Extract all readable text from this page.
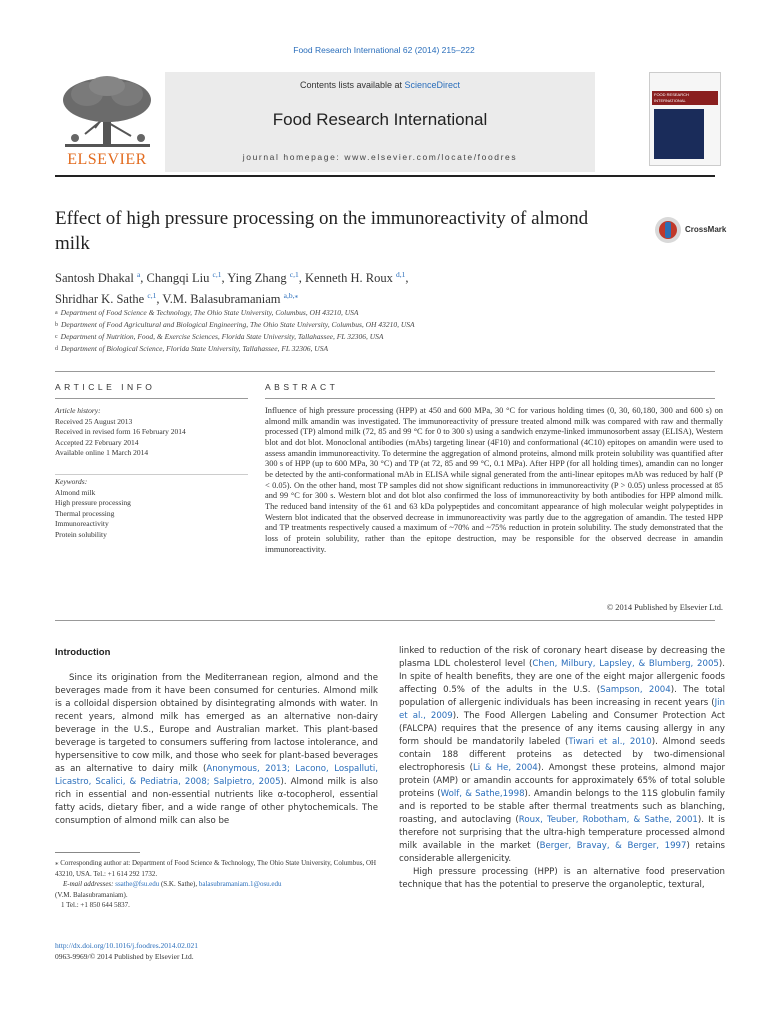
Food Research International 62 (2014) 215–222
ELSEVIER
Contents lists available at ScienceDirect
Food Research International
journal homepage: www.elsevier.com/locate/foodres
FOOD RESEARCH INTERNATIONAL
Effect of high pressure processing on the immunoreactivity of almond milk
CrossMark
Santosh Dhakal $^a$, Changqi Liu $^{c,1}$, Ying Zhang $^{c,1}$, Kenneth H. Roux $^{d,1}$,
Shridhar K. Sathe $^{c,1}$, V.M. Balasubramaniam $^{a,b,⁎}$
$^a$ Department of Food Science & Technology, The Ohio State University, Columbus, OH 43210, USA
$^b$ Department of Food Agricultural and Biological Engineering, The Ohio State University, Columbus, OH 43210, USA
$^c$ Department of Nutrition, Food, & Exercise Sciences, Florida State University, Tallahassee, FL 32306, USA
$^d$ Department of Biological Science, Florida State University, Tallahassee, FL 32306, USA
ARTICLE INFO	ABSTRACT
Article history:
Received 25 August 2013
Received in revised form 16 February 2014
Accepted 22 February 2014
Available online 1 March 2014
Keywords:
Almond milk
High pressure processing
Thermal processing
Immunoreactivity
Protein solubility
Influence of high pressure processing (HPP) at 450 and 600 MPa, 30 °C for various holding times (0, 30, 60,180, 300 and 600 s) on almond milk amandin was investigated. The immunoreactivity of pressure treated almond milk was compared with raw and thermally processed (TP) almond milk (72, 85 and 99 °C for 0 to 300 s) using a sandwich enzyme-linked immunosorbent assay (ELISA), Western blot and dot blot. Monoclonal antibodies (mAbs) targeting linear (4F10) and conformational (4C10) epitopes on amandin were used to assess amandin immunoreactivity. To determine the aggregation of almond proteins, almond milk protein solubility was quantified after 300 s of HPP (up to 600 MPa, 30 °C) and TP (at 72, 85 and 99 °C, 0.1 MPa). After HPP (for all holding times), amandin can no longer be detected by the anti-conformational mAb in ELISA while signal generated from the anti-linear epitopes mAb was reduced by half (P < 0.05). On the other hand, most TP samples did not show significant reductions in immunoreactivity (P > 0.05) unless processed at 85 and 99 °C for 300 s. Western blot and dot blot also confirmed the loss of immunoreactivity by both antibodies for HPP almond milk. The reduced band intensity of the 61 and 63 kDa polypeptides and concomitant appearance of high molecular weight polypeptides in Western blot indicated that the observed decrease in immunoreactivity was partly due to the aggregation of amandin. The tested HPP and TP treatments respectively caused a maximum of ~70% and ~75% reduction in protein solubility. The study demonstrated that the loss of protein solubility, rather than the epitope destruction, may be responsible for the observed decrease in amandin immunoreactivity.
© 2014 Published by Elsevier Ltd.
Introduction
Since its origination from the Mediterranean region, almond and the beverages made from it have been consumed for centuries. Almond milk is a colloidal dispersion obtained by disintegrating almonds with water. In recent years, almond milk has emerged as an alternative non-dairy beverage in the U.S., Europe and Australian market. This plant-based beverage is targeted to consumers suffering from lactose intolerance, and hypersensitive to cow milk, and those who seek for plant-based beverages as an alternative to dairy milk (Anonymous, 2013; Lacono, Lospalluti, Licastro, Scalici, & Pediatria, 2008; Salpietro, 2005). Almond milk is also rich in essential and non-essential nutrients like α-tocopherol, essential fatty acids, dietary fiber, and a wide range of other phytochemicals. The consumption of almond milk can also be
linked to reduction of the risk of coronary heart disease by decreasing the plasma LDL cholesterol level (Chen, Milbury, Lapsley, & Blumberg, 2005). In spite of health benefits, they are one of the eight major allergenic foods affecting 0.5% of the adults in the U.S. (Sampson, 2004). The total population of allergenic individuals has been increasing in recent years (Jin et al., 2009). The Food Allergen Labeling and Consumer Protection Act (FALCPA) requires that the presence of any items causing allergy in any form should be mandatorily labeled (Tiwari et al., 2010). Almond seeds contain 188 different proteins as detected by two-dimensional electrophoresis (Li & He, 2004). Amongst these proteins, almond major protein (AMP) or amandin accounts for approximately 65% of total soluble proteins (Wolf, & Sathe,1998). Amandin belongs to the 11S globulin family and is reported to be stable after thermal treatments such as blanching, roasting, and autoclaving (Roux, Teuber, Robotham, & Sathe, 2001). It is therefore not surprising that the ultra-high temperature processed almond milk available in the market (Berger, Bravay, & Berger, 1997) retains considerable allergenicity.
High pressure processing (HPP) is an alternative food preservation technique that has the potential to preserve the organoleptic, textural,
⁎ Corresponding author at: Department of Food Science & Technology, The Ohio State University, Columbus, OH 43210, USA. Tel.: +1 614 292 1732.
E-mail addresses: ssathe@fsu.edu (S.K. Sathe), balasubramaniam.1@osu.edu
(V.M. Balasubramaniam).
1 Tel.: +1 850 644 5837.
http://dx.doi.org/10.1016/j.foodres.2014.02.021
0963-9969/© 2014 Published by Elsevier Ltd.
